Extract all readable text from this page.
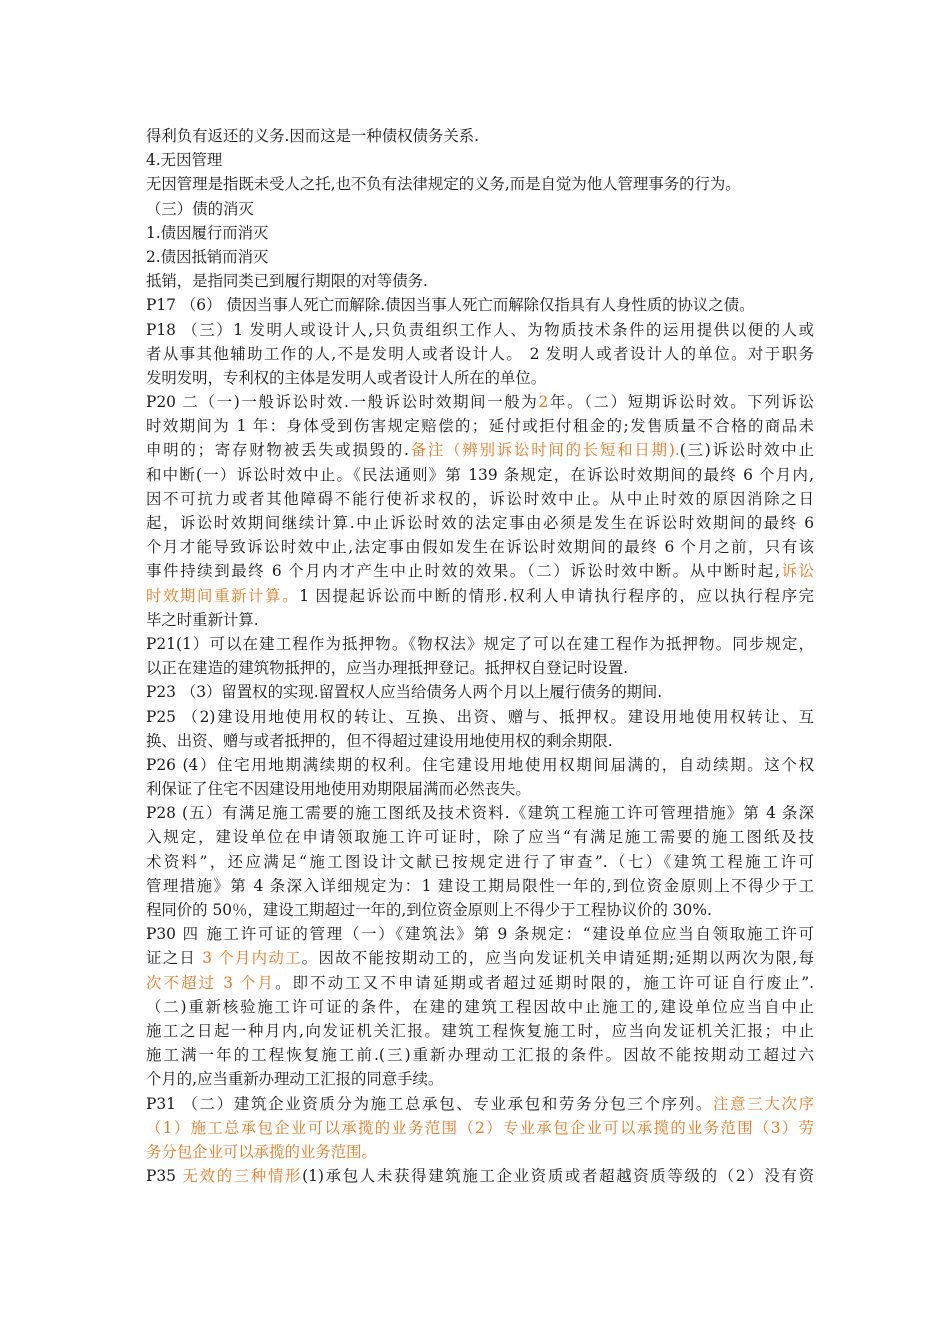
得利负有返还的义务.因而这是一种债权债务关系.
4.无因管理
无因管理是指既未受人之托,也不负有法律规定的义务,而是自觉为他人管理事务的行为。
（三）债的消灭
1.债因履行而消灭
2.债因抵销而消灭
抵销，是指同类已到履行期限的对等债务.
P17 （6） 债因当事人死亡而解除.债因当事人死亡而解除仅指具有人身性质的协议之债。
P18 （三）1 发明人或设计人,只负责组织工作人、为物质技术条件的运用提供以便的人或
者从事其他辅助工作的人,不是发明人或者设计人。 2 发明人或者设计人的单位。对于职务
发明发明，专利权的主体是发明人或者设计人所在的单位。
P20 二（一)一般诉讼时效.一般诉讼时效期间一般为2年。（二）短期诉讼时效。下列诉讼
时效期间为 1 年：身体受到伤害规定赔偿的；延付或拒付租金的;发售质量不合格的商品未
申明的；寄存财物被丢失或损毁的.备注（辨别诉讼时间的长短和日期).(三)诉讼时效中止
和中断(一）诉讼时效中止。《民法通则》第 139 条规定，在诉讼时效期间的最终 6 个月内,
因不可抗力或者其他障碍不能行使祈求权的，诉讼时效中止。从中止时效的原因消除之日
起，诉讼时效期间继续计算.中止诉讼时效的法定事由必须是发生在诉讼时效期间的最终 6
个月才能导致诉讼时效中止,法定事由假如发生在诉讼时效期间的最终 6 个月之前，只有该
事件持续到最终 6 个月内才产生中止时效的效果。（二）诉讼时效中断。从中断时起,诉讼
时效期间重新计算。1 因提起诉讼而中断的情形.权利人申请执行程序的，应以执行程序完
毕之时重新计算.
P21(1）可以在建工程作为抵押物。《物权法》规定了可以在建工程作为抵押物。同步规定，
以正在建造的建筑物抵押的，应当办理抵押登记。抵押权自登记时设置.
P23 （3）留置权的实现.留置权人应当给债务人两个月以上履行债务的期间.
P25 （2)建设用地使用权的转让、互换、出资、赠与、抵押权。建设用地使用权转让、互
换、出资、赠与或者抵押的，但不得超过建设用地使用权的剩余期限.
P26 (4）住宅用地期满续期的权利。住宅建设用地使用权期间届满的，自动续期。这个权
利保证了住宅不因建设用地使用劝期限届满而必然丧失。
P28 (五）有满足施工需要的施工图纸及技术资料.《建筑工程施工许可管理措施》第 4 条深
入规定，建设单位在申请领取施工许可证时，除了应当“有满足施工需要的施工图纸及技
术资料”，还应满足“施工图设计文献已按规定进行了审查”.（七）《建筑工程施工许可
管理措施》第 4 条深入详细规定为：1 建设工期局限性一年的,到位资金原则上不得少于工
程同价的 50％，建设工期超过一年的,到位资金原则上不得少于工程协议价的 30%.
P30 四 施工许可证的管理（一）《建筑法》第 9 条规定：“建设单位应当自领取施工许可
证之日 3 个月内动工。因故不能按期动工的，应当向发证机关申请延期;延期以两次为限,每
次不超过 3 个月。即不动工又不申请延期或者超过延期时限的，施工许可证自行废止”.
（二)重新核验施工许可证的条件，在建的建筑工程因故中止施工的,建设单位应当自中止
施工之日起一种月内,向发证机关汇报。建筑工程恢复施工时，应当向发证机关汇报；中止
施工满一年的工程恢复施工前.(三)重新办理动工汇报的条件。因故不能按期动工超过六
个月的,应当重新办理动工汇报的同意手续。
P31 （二）建筑企业资质分为施工总承包、专业承包和劳务分包三个序列。注意三大次序
（1）施工总承包企业可以承揽的业务范围（2）专业承包企业可以承揽的业务范围（3）劳
务分包企业可以承揽的业务范围。
P35 无效的三种情形(1)承包人未获得建筑施工企业资质或者超越资质等级的（2）没有资
